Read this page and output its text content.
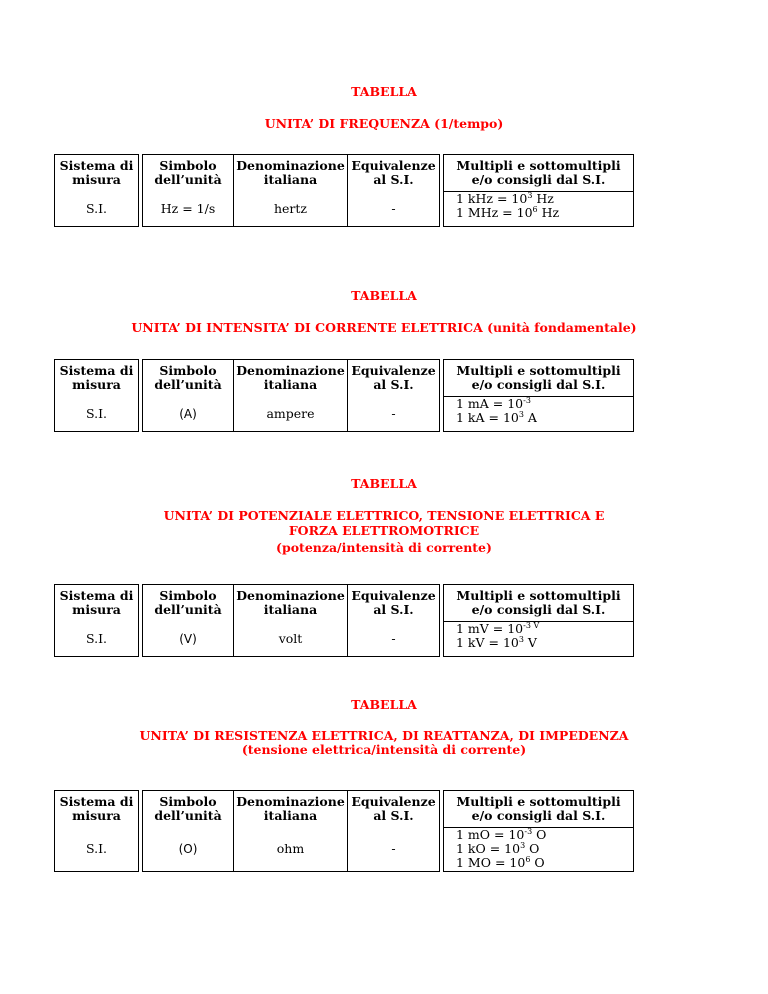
TABELLA
UNITA’ DI FREQUENZA (1/tempo)
Sistema di misura		Simbolo dell’unità	Denominazione italiana	Equivalenze al S.I.		Multipli e sottomultipli e/o consigli dal S.I.
S.I.		Hz = 1/s	hertz	-		1 kHz = $10^3$ Hz
1 MHz = $10^6$ Hz
TABELLA
UNITA’ DI INTENSITA’ DI CORRENTE ELETTRICA (unità fondamentale)
Sistema di misura		Simbolo dell’unità	Denominazione italiana	Equivalenze al S.I.		Multipli e sottomultipli e/o consigli dal S.I.
S.I.		(A)	ampere	-		1 mA = $10^{-3}$
1 kA = $10^3$ A
TABELLA
UNITA’ DI POTENZIALE ELETTRICO, TENSIONE ELETTRICA E FORZA ELETTROMOTRICE
(potenza/intensità di corrente)
Sistema di misura		Simbolo dell’unità	Denominazione italiana	Equivalenze al S.I.		Multipli e sottomultipli e/o consigli dal S.I.
S.I.		(V)	volt	-		1 mV = $10^{-3 V}$
1 kV = $10^3$ V
TABELLA
UNITA’ DI RESISTENZA ELETTRICA, DI REATTANZA, DI IMPEDENZA
(tensione elettrica/intensità di corrente)
Sistema di misura		Simbolo dell’unità	Denominazione italiana	Equivalenze al S.I.		Multipli e sottomultipli e/o consigli dal S.I.
S.I.		(O)	ohm	-		1 mO = $10^{-3}$ O
1 kO = $10^3$ O
1 MO = $10^6$ O
